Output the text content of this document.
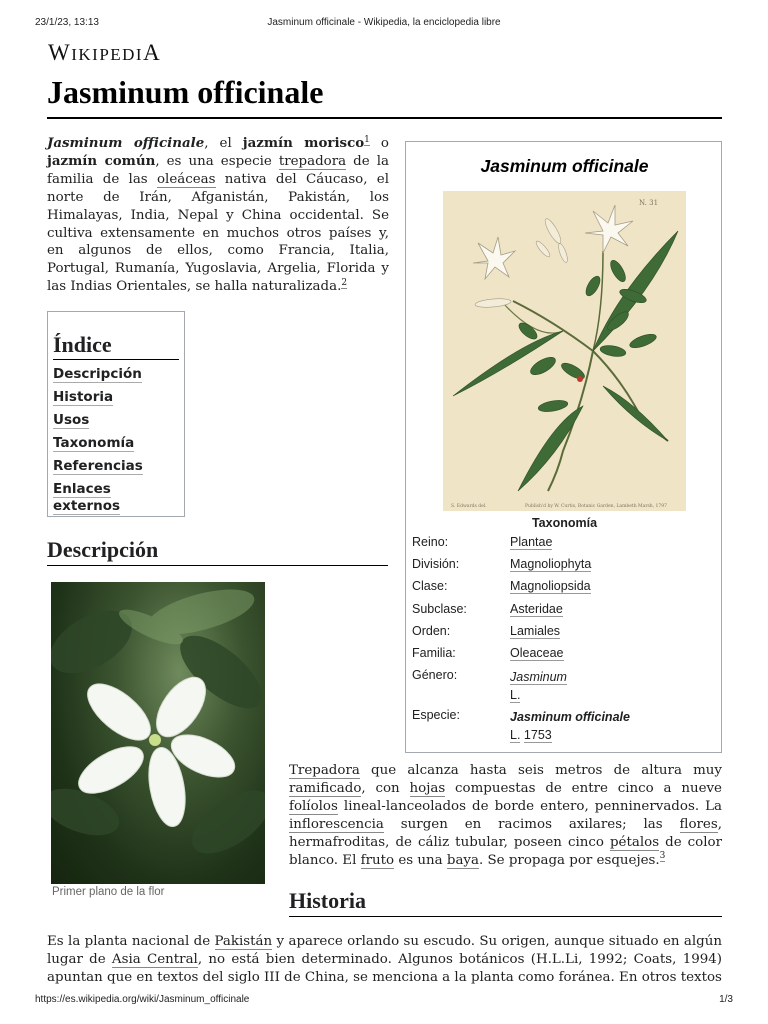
23/1/23, 13:13	Jasminum officinale - Wikipedia, la enciclopedia libre
WIKIPEDIA
Jasminum officinale

Jasminum officinale, el jazmín morisco$^1$ o jazmín común, es una especie trepadora de la familia de las oleáceas nativa del Cáucaso, el norte de Irán, Afganistán, Pakistán, los Himalayas, India, Nepal y China occidental. Se cultiva extensamente en muchos otros países y, en algunos de ellos, como Francia, Italia, Portugal, Rumanía, Yugoslavia, Argelia, Florida y las Indias Orientales, se halla naturalizada.$^2$

Índice
Descripción
Historia
Usos
Taxonomía
Referencias
Enlaces externos
Jasminum officinale
N. 31
S. Edwards del.	Publish'd by W. Curtis, Botanic Garden, Lambeth Marsh, 1797
Taxonomía
Reino:	Plantae
División:	Magnoliophyta
Clase:	Magnoliopsida
Subclase:	Asteridae
Orden:	Lamiales
Familia:	Oleaceae
Género:	Jasminum
L.
Especie:	Jasminum officinale
L. 1753
Descripción
Primer plano de la flor

Trepadora que alcanza hasta seis metros de altura muy ramificado, con hojas compuestas de entre cinco a nueve folíolos lineal-lanceolados de borde entero, penninervados. La inflorescencia surgen en racimos axilares; las flores, hermafroditas, de cáliz tubular, poseen cinco pétalos de color blanco. El fruto es una baya. Se propaga por esquejes.$^3$

Historia

Es la planta nacional de Pakistán y aparece orlando su escudo. Su origen, aunque situado en algún lugar de Asia Central, no está bien determinado. Algunos botánicos (H.L.Li, 1992; Coats, 1994) apuntan que en textos del siglo III de China, se menciona a la planta como foránea. En otros textos

https://es.wikipedia.org/wiki/Jasminum_officinale	1/3
